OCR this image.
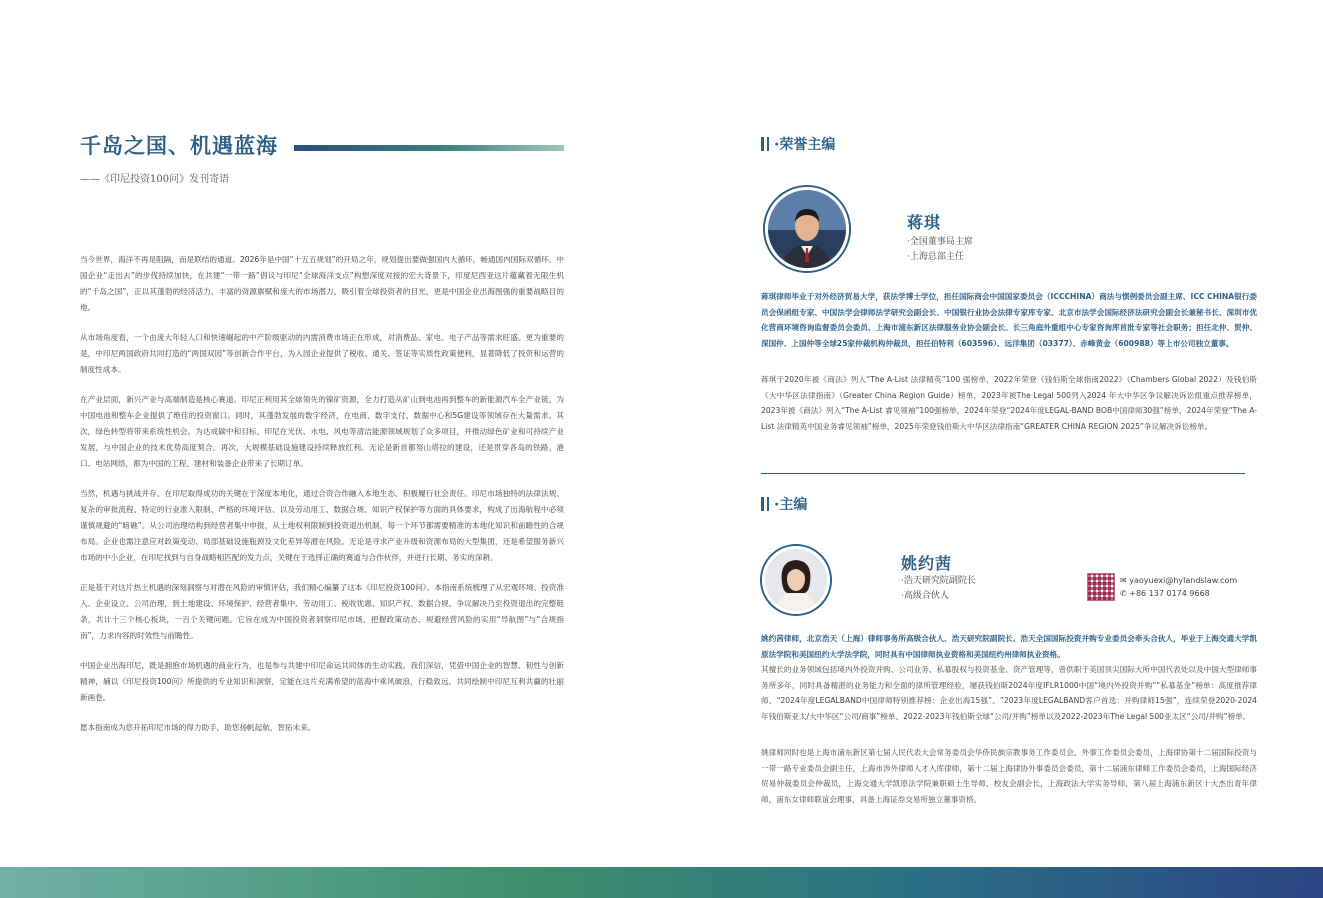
千岛之国、机遇蓝海
——《印尼投资100问》发刊寄语

当今世界，海洋不再是阻隔，而是联结的通道。2026年是中国“十五五规划”的开局之年，规划提出要做强国内大循环，畅通国内国际双循环。中国企业“走出去”的步伐持续加快，在共建“一带一路”倡议与印尼“全球海洋支点”构想深度对接的宏大背景下，印度尼西亚这片蕴藏着无限生机的“千岛之国”，正以其蓬勃的经济活力、丰富的资源禀赋和庞大的市场潜力，吸引着全球投资者的目光，更是中国企业出海图强的重要战略目的地。

从市场角度看，一个由庞大年轻人口和快速崛起的中产阶级驱动的内需消费市场正在形成，对消费品、家电、电子产品等需求旺盛。更为重要的是，中印尼两国政府共同打造的“两国双园”等创新合作平台，为入园企业提供了税收、通关、签证等实质性政策便利，显著降低了投资和运营的制度性成本。

在产业层面，新兴产业与高端制造是核心赛道。印尼正利用其全球领先的镍矿资源，全力打造从矿山到电池再到整车的新能源汽车全产业链，为中国电池和整车企业提供了绝佳的投资窗口。同时，其蓬勃发展的数字经济，在电商、数字支付、数据中心和5G建设等领域存在大量需求。其次，绿色转型将带来系统性机会。为达成碳中和目标，印尼在光伏、水电、风电等清洁能源领域规划了众多项目，并推动绿色矿业和可持续产业发展，与中国企业的技术优势高度契合。再次，大规模基础设施建设持续释放红利。无论是新首都努山塔拉的建设，还是贯穿各岛的铁路、港口、电站网络，都为中国的工程、建材和装备企业带来了长期订单。

当然，机遇与挑战并存。在印尼取得成功的关键在于深度本地化，通过合资合作融入本地生态、积极履行社会责任。印尼市场独特的法律法规、复杂的审批流程、特定的行业准入限制、严格的环境评估、以及劳动用工、数据合规、知识产权保护等方面的具体要求，构成了出海航程中必须谨慎规避的“暗礁”。从公司治理结构到经营者集中申报，从土地权利限制到投资退出机制，每一个环节都需要精准的本地化知识和前瞻性的合规布局。企业也需注意应对政策变动、局部基础设施瓶颈及文化差异等潜在风险。无论是寻求产业升级和资源布局的大型集团，还是希望服务新兴市场的中小企业，在印尼找到与自身战略相匹配的发力点，关键在于选择正确的赛道与合作伙伴，并进行长期、务实的深耕。

正是基于对这片热土机遇的深刻洞察与对潜在风险的审慎评估，我们精心编纂了这本《印尼投资100问》。本指南系统梳理了从宏观环境、投资准入、企业设立、公司治理，到土地建设、环境保护、经营者集中、劳动用工、税收优惠、知识产权、数据合规、争议解决乃至投资退出的完整链条，共计十三个核心板块，一百个关键问题。它旨在成为中国投资者洞察印尼市场、把握政策动态、规避经营风险的实用“导航图”与“合规指南”，力求内容的时效性与前瞻性。

中国企业出海印尼，既是拥抱市场机遇的商业行为，也是参与共建中印尼命运共同体的生动实践。我们深信，凭借中国企业的智慧、韧性与创新精神，辅以《印尼投资100问》所提供的专业知识和洞察，定能在这片充满希望的蓝海中乘风破浪，行稳致远，共同绘制中印尼互利共赢的壮丽新画卷。

愿本指南成为您开拓印尼市场的得力助手，助您扬帆起航，智拓未来。

·荣誉主编
蒋琪
·全国董事局主席
·上海总部主任
蒋琪律师毕业于对外经济贸易大学，获法学博士学位，担任国际商会中国国家委员会（ICCCHINA）商法与惯例委员会副主席、ICC CHINA银行委员会保函组专家、中国法学会律师法学研究会副会长、中国银行业协会法律专家库专家、北京市法学会国际经济法研究会副会长兼秘书长、深圳市优化营商环境咨询监督委员会委员、上海市浦东新区法律服务业协会副会长、长三角庭外重组中心专家咨询库首批专家等社会职务；担任北仲、贸仲、深国仲、上国仲等全球25家仲裁机构仲裁员，担任伯特利（603596）、远洋集团（03377）、赤峰黄金（600988）等上市公司独立董事。
蒋琪于2020年被《商法》列入“The A-List 法律精英”100 强榜单，2022年荣登《钱伯斯全球指南2022》（Chambers Global 2022）及钱伯斯《大中华区法律指南》（Greater China Region Guide）榜单，2023年被The Legal 500列入2024 年大中华区争议解决诉讼组重点推荐榜单，2023年被《商法》列入“The A-List 睿见领袖”100强榜单，2024年荣登“2024年度LEGAL-BAND BOB中国律师30强”榜单，2024年荣登“The A-List 法律精英中国业务睿见领袖”榜单，2025年荣登钱伯斯大中华区法律指南“GREATER CHINA REGION 2025”争议解决诉讼榜单。
·主编
姚约茜
·浩天研究院副院长
·高级合伙人
✉ yaoyuexi@hylandslaw.com
✆ +86 137 0174 9668
姚约茜律师，北京浩天（上海）律师事务所高级合伙人、浩天研究院副院长、浩天全国国际投资并购专业委员会牵头合伙人，毕业于上海交通大学凯原法学院和美国纽约大学法学院，同时具有中国律师执业资格和美国纽约州律师执业资格。
其擅长的业务领域包括境内外投资并购、公司业务、私募股权与投资基金、资产管理等，曾供职于美国顶尖国际大所中国代表处以及中国大型律师事务所多年，同时具备精湛的业务能力和全面的律所管理经验，屡获钱伯斯2024年度IFLR1000中国“境内外投资并购”“私募基金”榜单：高度推荐律师、“2024年度LEGALBAND中国律师特别推荐榜：企业出海15强”、“2023年度LEGALBAND客户首选：并购律师15强”，连续荣登2020-2024年钱伯斯亚太/大中华区“公司/商事”榜单、2022-2023年钱伯斯全球“公司/并购”榜单以及2022-2023年The Legal 500亚太区“公司/并购”榜单。
姚律师同时也是上海市浦东新区第七届人民代表大会常务委员会华侨民族宗教事务工作委员会、外事工作委员会委员，上海律协第十二届国际投资与一带一路专业委员会副主任，上海市涉外律师人才入库律师，第十二届上海律协外事委员会委员，第十二届浦东律师工作委员会委员，上海国际经济贸易仲裁委员会仲裁员，上海交通大学凯原法学院兼职硕士生导师、校友会副会长，上海政法大学实务导师，第八届上海浦东新区十大杰出青年律师，浦东女律师联谊会理事，具备上海证券交易所独立董事资格。
